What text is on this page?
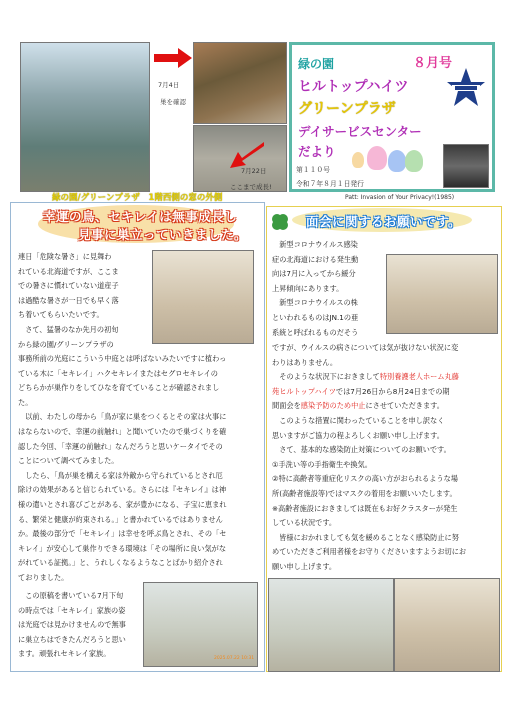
7月4日
巣を確認
7月22日
ここまで成長!
緑の園/グリーンプラザ　1階西側の窓の外側
緑の園	８月号
ヒルトップハイツ
グリーンプラザ
デイサービスセンター
だより
第１１０号
令和７年８月１日発行
Patt: Invasion of Your Privacy!(1985)
幸運の鳥、セキレイは無事成長し
見事に巣立っていきました。

連日「危険な暑さ」に見舞わ

れている北海道ですが、ここま

での暑さに慣れていない道産子

は過酷な暑さが一日でも早く落

ち着いてもらいたいです。

　さて、猛暑のなか先月の初旬

から緑の園/グリーンプラザの

事務所前の光庭にこういう中庭とは呼ばないみたいですに植わっ

ている木に「セキレイ」ハクセキレイまたはセグロセキレイの

どちらかが巣作りをしてひなを育てていることが確認されまし

た。

　以前、わたしの母から「鳥が家に巣をつくるとその家は火事に

はならないので、幸運の前触れ」と聞いていたので巣づくりを確

認した今回、「幸運の前触れ」なんだろうと思いケータイでその

ことについて調べてみました。

　したら、「鳥が巣を構える家は外敵から守られているとされ厄

除けの効果があると信じられている。さらには『セキレイ』は神

様の遣いとされ喜びごとがある、家が豊かになる、子宝に恵まれ

る、繁栄と健康が約束される。」と書かれているではありません

か。最後の部分で「セキレイ」は幸せを呼ぶ鳥とされ、その「セ

キレイ」が安心して巣作りできる環境は「その場所に良い気がな

がれている証拠。」と、うれしくなるようなことばかり紹介され

ておりました。

　この原稿を書いている7月下旬

の時点では「セキレイ」家族の姿

は光庭では見かけませんので無事

に巣立ちはできたんだろうと思い

ます。頑張れセキレイ家族。

2025.07.22 10:31
面会に関するお願いです。

　新型コロナウイルス感染

症の北海道における発生動

向は7月に入ってから緩分

上昇傾向にあります。

　新型コロナウイルスの株

といわれるものはJN.1の亜

系統と呼ばれるものだそう

ですが、ウイルスの病さについては気が抜けない状況に変

わりはありません。

　そのような状況下におきまして特別養護老人ホーム丸藤

苑ヒルトップハイツでは7月26日から8月24日までの期

間面会を感染予防のため中止にさせていただきます。

　このような措置に関わったていることを申し訳なく

思いますがご協力の程よろしくお願い申し上げます。

　さて、基本的な感染防止対策についてのお願いです。

①手洗い等の手指衛生や換気。

②特に高齢者等重症化リスクの高い方がおられるような場

所(高齢者施設等)ではマスクの着用をお願いいたします。

※高齢者施設におきましては既在もお好クラスターが発生

している状況です。

　皆様におかれましても気を緩めることなく感染防止に努

めていただきご利用者様をお守りくださいますようお切にお

願い申し上げます。
